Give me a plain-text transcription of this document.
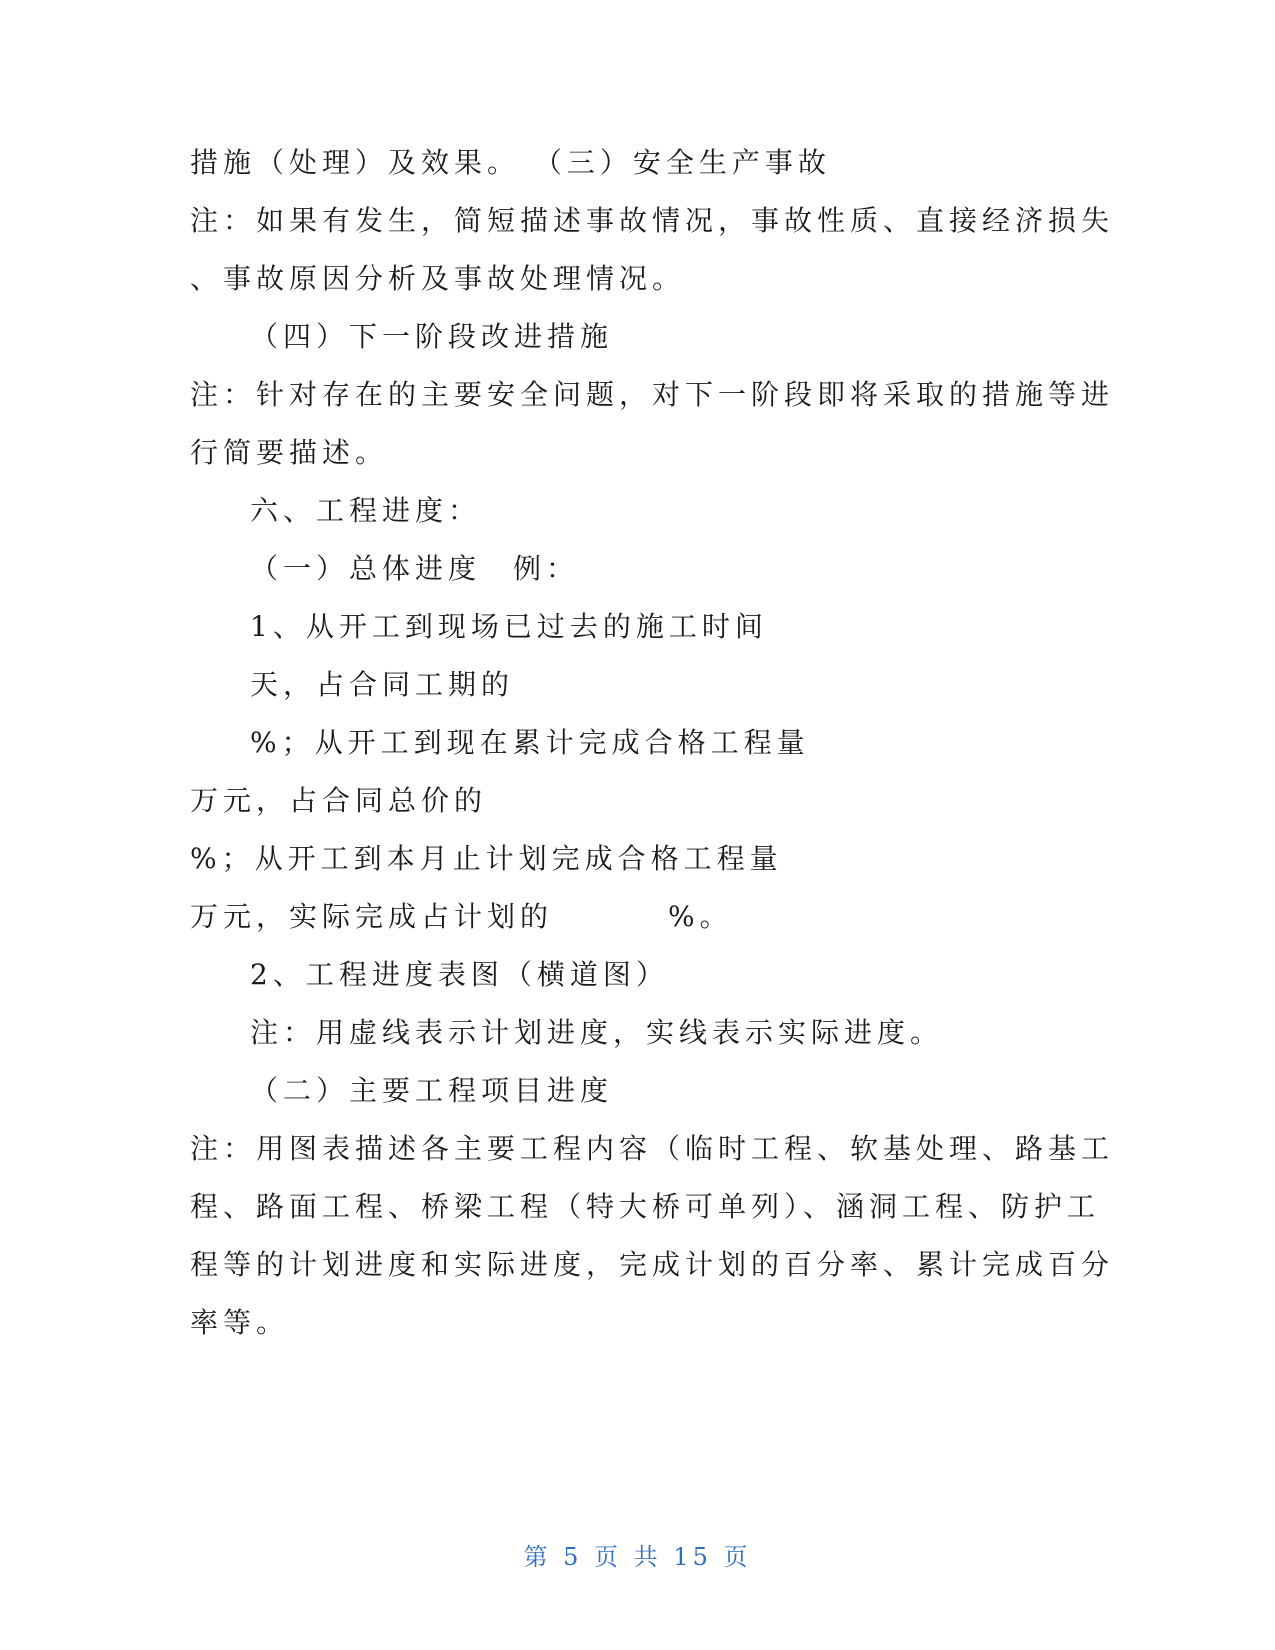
措施（处理）及效果。 （三）安全生产事故
注：如果有发生，简短描述事故情况，事故性质、直接经济损失
、事故原因分析及事故处理情况。
（四）下一阶段改进措施
注：针对存在的主要安全问题，对下一阶段即将采取的措施等进
行简要描述。
六、工程进度：
（一）总体进度 例：
1、从开工到现场已过去的施工时间
天，占合同工期的
%；从开工到现在累计完成合格工程量
万元，占合同总价的
%；从开工到本月止计划完成合格工程量
万元，实际完成占计划的	%。
2、工程进度表图（横道图）
注：用虚线表示计划进度，实线表示实际进度。
（二）主要工程项目进度
注：用图表描述各主要工程内容（临时工程、软基处理、路基工
程、路面工程、桥梁工程（特大桥可单列）、涵洞工程、防护工
程等的计划进度和实际进度，完成计划的百分率、累计完成百分
率等。
第 5 页 共 15 页
